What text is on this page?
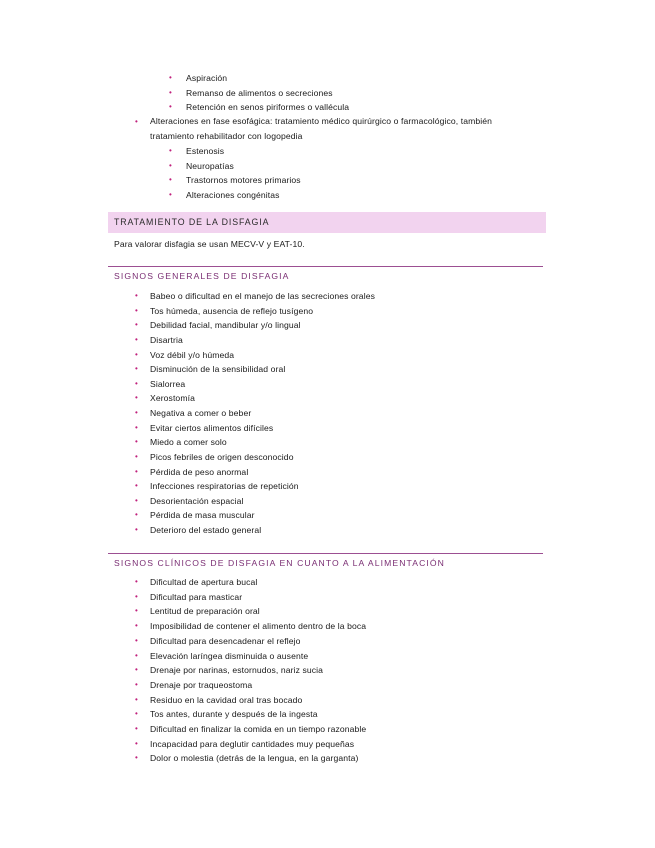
• Aspiración
• Remanso de alimentos o secreciones
• Retención en senos piriformes o vallécula
• Alteraciones en fase esofágica: tratamiento médico quirúrgico o farmacológico, también tratamiento rehabilitador con logopedia
• Estenosis
• Neuropatías
• Trastornos motores primarios
• Alteraciones congénitas
TRATAMIENTO DE LA DISFAGIA
Para valorar disfagia se usan MECV-V y EAT-10.
SIGNOS GENERALES DE DISFAGIA
• Babeo o dificultad en el manejo de las secreciones orales
• Tos húmeda, ausencia de reflejo tusígeno
• Debilidad facial, mandibular y/o lingual
• Disartria
• Voz débil y/o húmeda
• Disminución de la sensibilidad oral
• Sialorrea
• Xerostomía
• Negativa a comer o beber
• Evitar ciertos alimentos difíciles
• Miedo a comer solo
• Picos febriles de origen desconocido
• Pérdida de peso anormal
• Infecciones respiratorias de repetición
• Desorientación espacial
• Pérdida de masa muscular
• Deterioro del estado general
SIGNOS CLÍNICOS DE DISFAGIA EN CUANTO A LA ALIMENTACIÓN
• Dificultad de apertura bucal
• Dificultad para masticar
• Lentitud de preparación oral
• Imposibilidad de contener el alimento dentro de la boca
• Dificultad para desencadenar el reflejo
• Elevación laríngea disminuida o ausente
• Drenaje por narinas, estornudos, nariz sucia
• Drenaje por traqueostoma
• Residuo en la cavidad oral tras bocado
• Tos antes, durante y después de la ingesta
• Dificultad en finalizar la comida en un tiempo razonable
• Incapacidad para deglutir cantidades muy pequeñas
• Dolor o molestia (detrás de la lengua, en la garganta)
